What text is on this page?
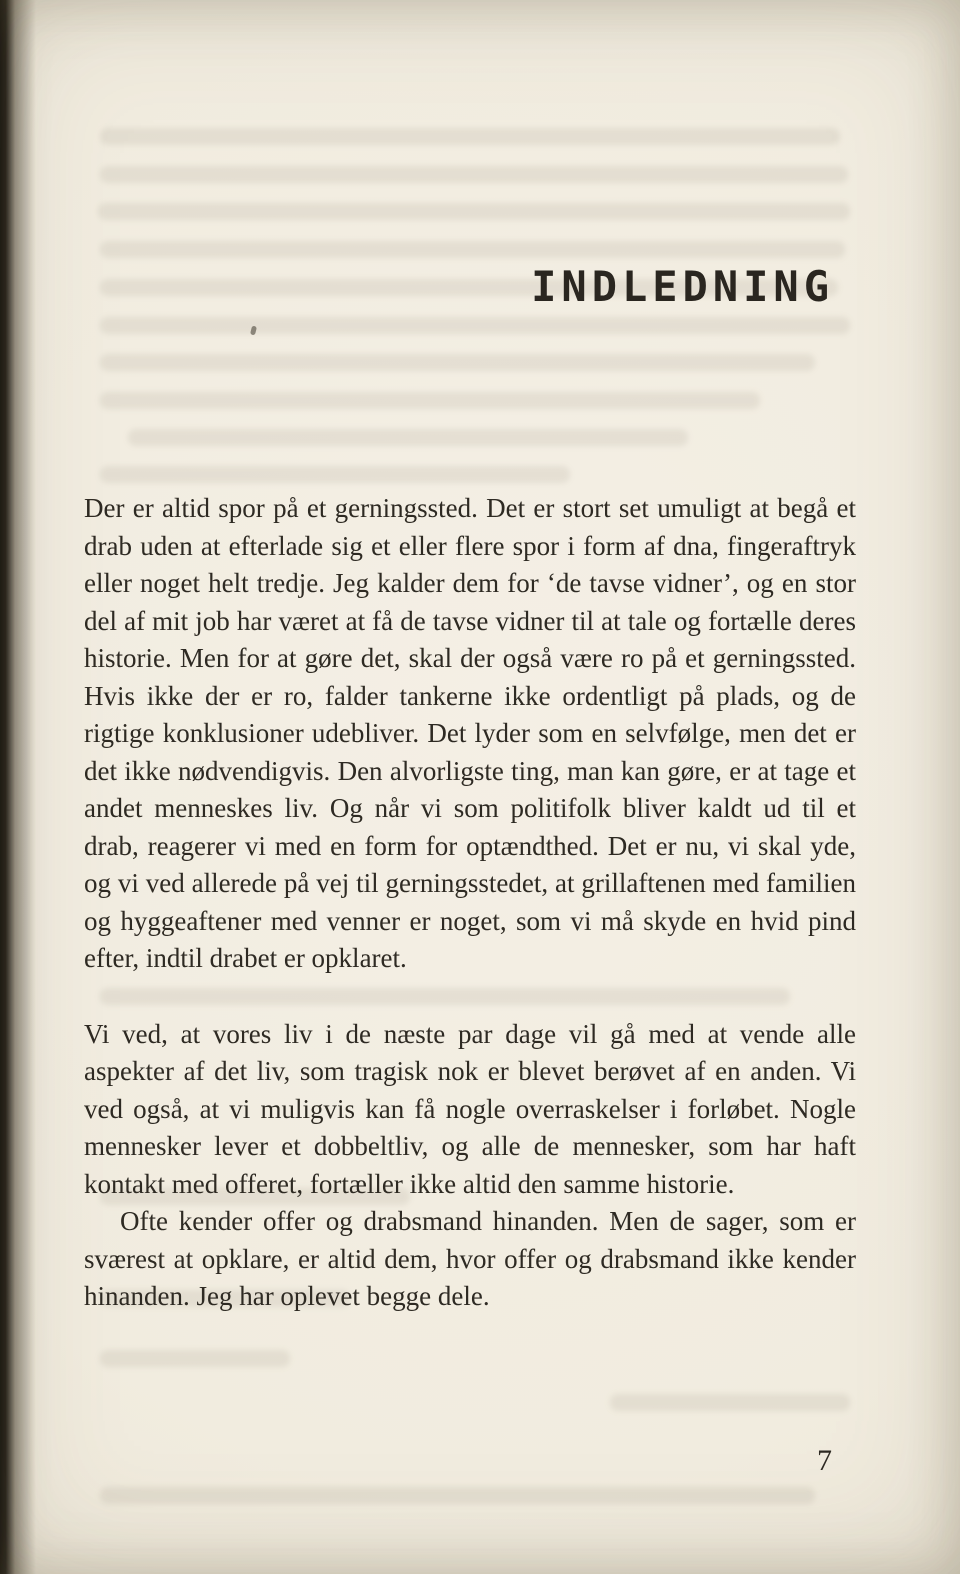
INDLEDNING

Der er altid spor på et gerningssted. Det er stort set umuligt at begå et drab uden at efterlade sig et eller flere spor i form af dna, fingeraftryk eller noget helt tredje. Jeg kalder dem for ‘de tavse vidner’, og en stor del af mit job har været at få de tavse vidner til at tale og fortælle deres historie. Men for at gøre det, skal der også være ro på et gerningssted. Hvis ikke der er ro, falder tankerne ikke ordentligt på plads, og de rigtige konklusioner udebliver. Det lyder som en selvfølge, men det er det ikke nødvendigvis. Den alvorligste ting, man kan gøre, er at tage et andet menneskes liv. Og når vi som politifolk bliver kaldt ud til et drab, reagerer vi med en form for optændthed. Det er nu, vi skal yde, og vi ved allerede på vej til gerningsstedet, at grillaftenen med familien og hyggeaftener med venner er noget, som vi må skyde en hvid pind efter, indtil drabet er opklaret.

Vi ved, at vores liv i de næste par dage vil gå med at vende alle aspekter af det liv, som tragisk nok er blevet berøvet af en anden. Vi ved også, at vi muligvis kan få nogle overraskelser i forløbet. Nogle mennesker lever et dobbeltliv, og alle de mennesker, som har haft kontakt med offeret, fortæller ikke altid den samme historie.

Ofte kender offer og drabsmand hinanden. Men de sager, som er sværest at opklare, er altid dem, hvor offer og drabsmand ikke kender hinanden. Jeg har oplevet begge dele.

7
